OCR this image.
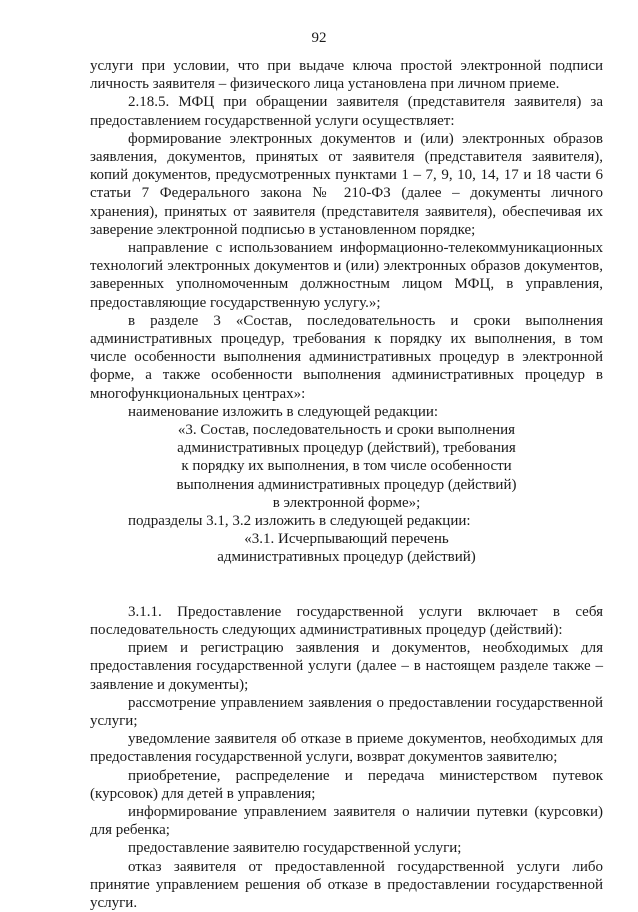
92

услуги при условии, что при выдаче ключа простой электронной подписи личность заявителя – физического лица установлена при личном приеме.

2.18.5. МФЦ при обращении заявителя (представителя заявителя) за предоставлением государственной услуги осуществляет:

формирование электронных документов и (или) электронных образов заявления, документов, принятых от заявителя (представителя заявителя), копий документов, предусмотренных пунктами 1 – 7, 9, 10, 14, 17 и 18 части 6 статьи 7 Федерального закона № 210-ФЗ (далее – документы личного хранения), принятых от заявителя (представителя заявителя), обеспечивая их заверение электронной подписью в установленном порядке;

направление с использованием информационно-телекоммуникационных технологий электронных документов и (или) электронных образов документов, заверенных уполномоченным должностным лицом МФЦ, в управления, предоставляющие государственную услугу.»;

в разделе 3 «Состав, последовательность и сроки выполнения административных процедур, требования к порядку их выполнения, в том числе особенности выполнения административных процедур в электронной форме, а также особенности выполнения административных процедур в многофункциональных центрах»:

наименование изложить в следующей редакции:

«3. Состав, последовательность и сроки выполнения

административных процедур (действий), требования

к порядку их выполнения, в том числе особенности

выполнения административных процедур (действий)

в электронной форме»;

подразделы 3.1, 3.2 изложить в следующей редакции:

«3.1. Исчерпывающий перечень

административных процедур (действий)

3.1.1. Предоставление государственной услуги включает в себя последовательность следующих административных процедур (действий):

прием и регистрацию заявления и документов, необходимых для предоставления государственной услуги (далее – в настоящем разделе также – заявление и документы);

рассмотрение управлением заявления о предоставлении государственной услуги;

уведомление заявителя об отказе в приеме документов, необходимых для предоставления государственной услуги, возврат документов заявителю;

приобретение, распределение и передача министерством путевок (курсовок) для детей в управления;

информирование управлением заявителя о наличии путевки (курсовки) для ребенка;

предоставление заявителю государственной услуги;

отказ заявителя от предоставленной государственной услуги либо принятие управлением решения об отказе в предоставлении государственной услуги.
